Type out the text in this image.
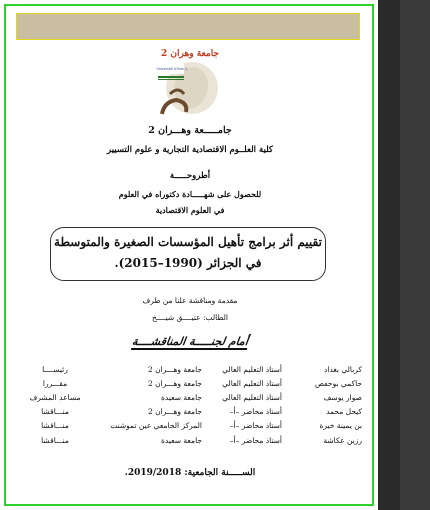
جامعة وهران 2
Université d'Oran 2
جامـــــعة وهـــران 2
كلية العلــوم الاقتصادية التجارية و علوم التسيير
أطروحـــــة
للحصول على شهـــــادة دكتوراه في العلوم
في العلوم الاقتصادية
تقييم أثر برامج تأهيل المؤسسات الصغيرة والمتوسطة
في الجزائر (1990–2015).
مقدمة ومناقشة علنا من طرف
الطالب: عتيــــق شيــــخ
أمام لجنـــــة المناقشــــة
كربالي بغداد	أستاذ التعليم العالي	جامعة وهـــران 2	رئيســــا
حاكمي بوحفص	أستاذ التعليم العالي	جامعة وهـــران 2	مقـــررا
صوار يوسف	أستاذ التعليم العالي	جامعة سعيدة	مساعد المشرف
كيحل محمد	أستاذ محاضر –أ–	جامعة وهـــران 2	منـــاقشا
بن يمينة خيرة	أستاذ محاضر –أ–	المركز الجامعي عين تموشنت	منـــاقشا
رزين عكاشة	أستاذ محاضر –أ–	جامعة سعيدة	منـــاقشا
الســـــنة الجامعية: 2019/2018.
